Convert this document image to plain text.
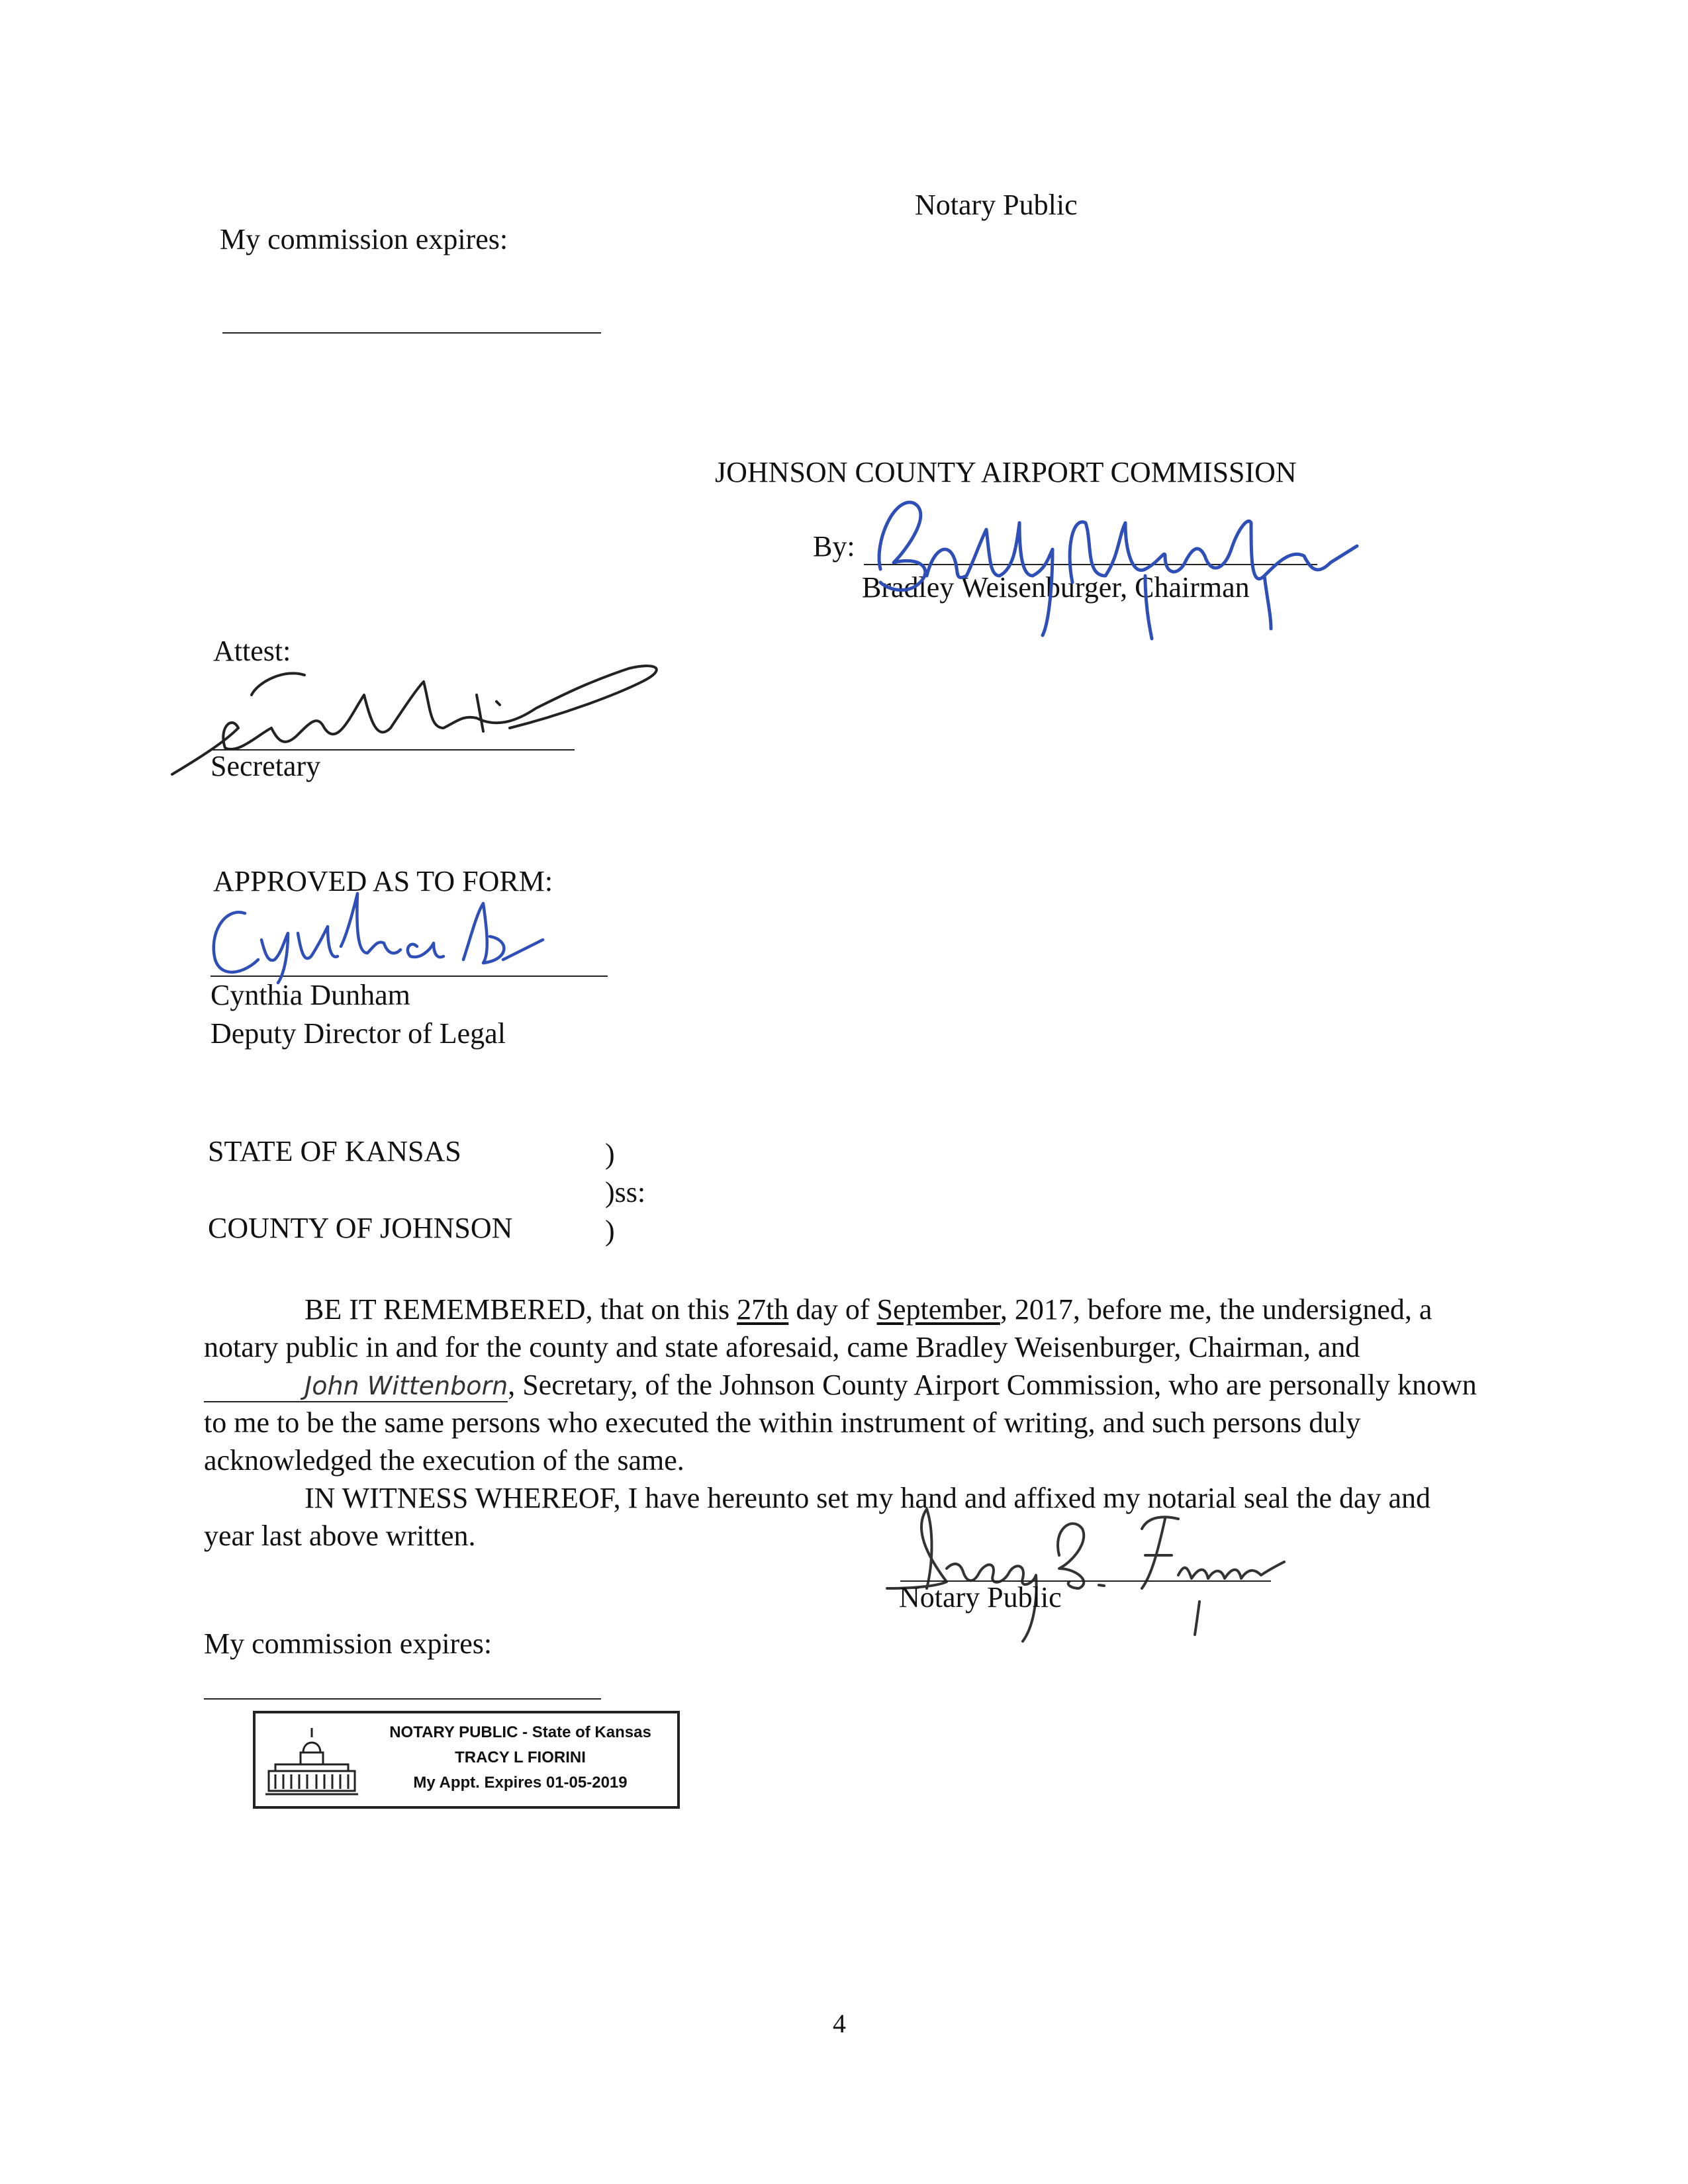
Notary Public
My commission expires:
JOHNSON COUNTY AIRPORT COMMISSION
By:
Bradley Weisenburger, Chairman
Attest:
Secretary
APPROVED AS TO FORM:
Cynthia Dunham
Deputy Director of Legal
STATE OF KANSAS	)
)ss:
COUNTY OF JOHNSON	)

BE IT REMEMBERED, that on this 27th day of September, 2017, before me, the undersigned, a notary public in and for the county and state aforesaid, came Bradley Weisenburger, Chairman, and John Wittenborn, Secretary, of the Johnson County Airport Commission, who are personally known to me to be the same persons who executed the within instrument of writing, and such persons duly acknowledged the execution of the same.

IN WITNESS WHEREOF, I have hereunto set my hand and affixed my notarial seal the day and year last above written.

Notary Public
My commission expires:
NOTARY PUBLIC - State of Kansas
TRACY L FIORINI
My Appt. Expires 01-05-2019
4
